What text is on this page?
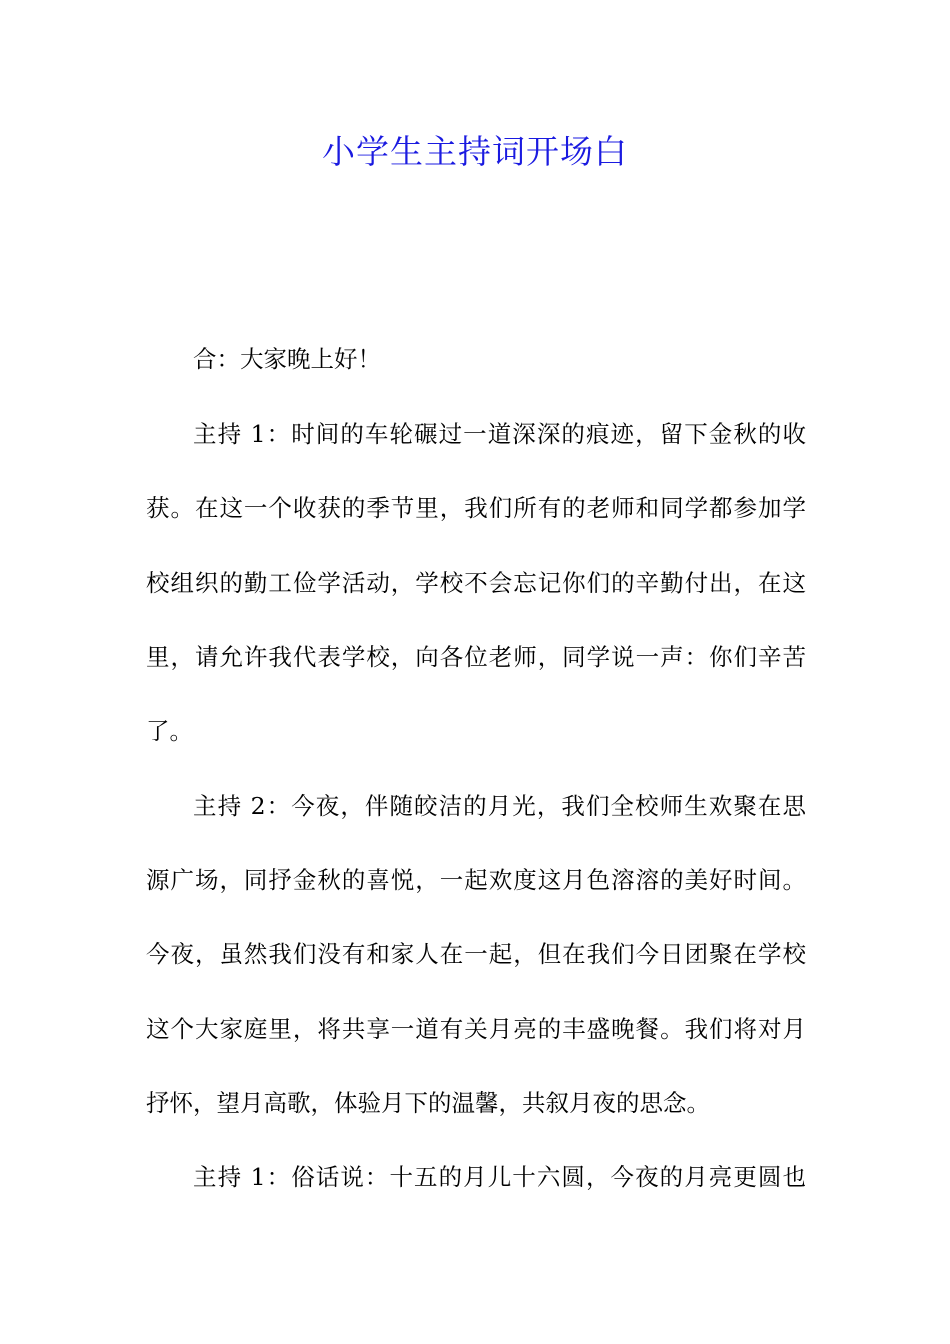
小学生主持词开场白

合：大家晚上好！

主持 1：时间的车轮碾过一道深深的痕迹，留下金秋的收

获。在这一个收获的季节里，我们所有的老师和同学都参加学

校组织的勤工俭学活动，学校不会忘记你们的辛勤付出，在这

里，请允许我代表学校，向各位老师，同学说一声：你们辛苦

了。

主持 2：今夜，伴随皎洁的月光，我们全校师生欢聚在思

源广场，同抒金秋的喜悦，一起欢度这月色溶溶的美好时间。

今夜，虽然我们没有和家人在一起，但在我们今日团聚在学校

这个大家庭里，将共享一道有关月亮的丰盛晚餐。我们将对月

抒怀，望月高歌，体验月下的温馨，共叙月夜的思念。

主持 1：俗话说：十五的月儿十六圆，今夜的月亮更圆也
